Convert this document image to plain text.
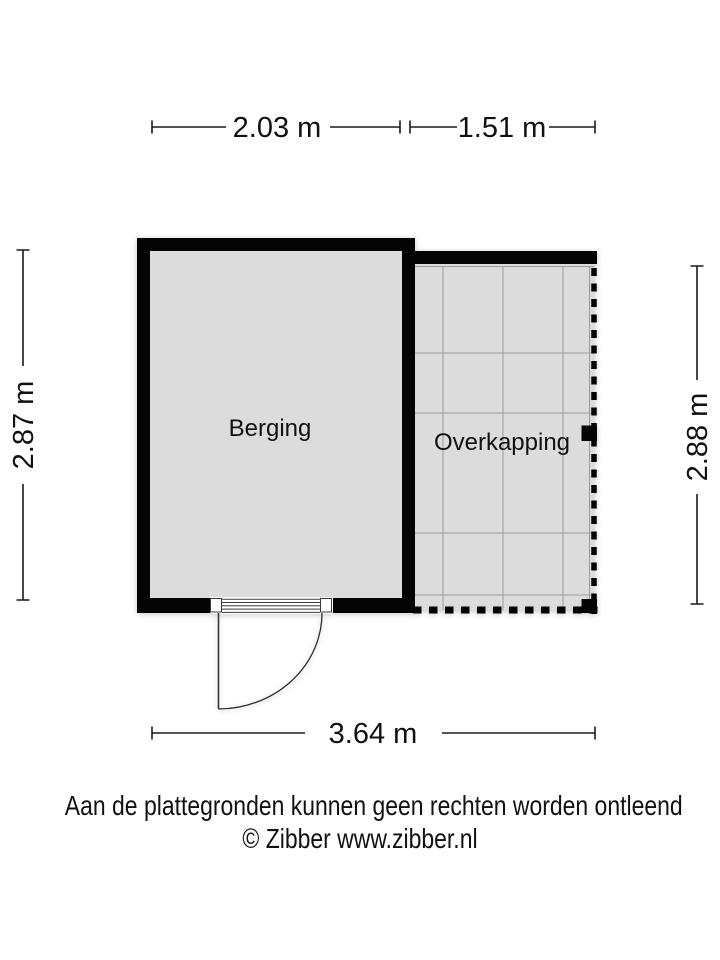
Berging
Overkapping
2.03 m	1.51 m
3.64 m
2.87 m	2.88 m
Aan de plattegronden kunnen geen rechten worden ontleend
© Zibber www.zibber.nl
